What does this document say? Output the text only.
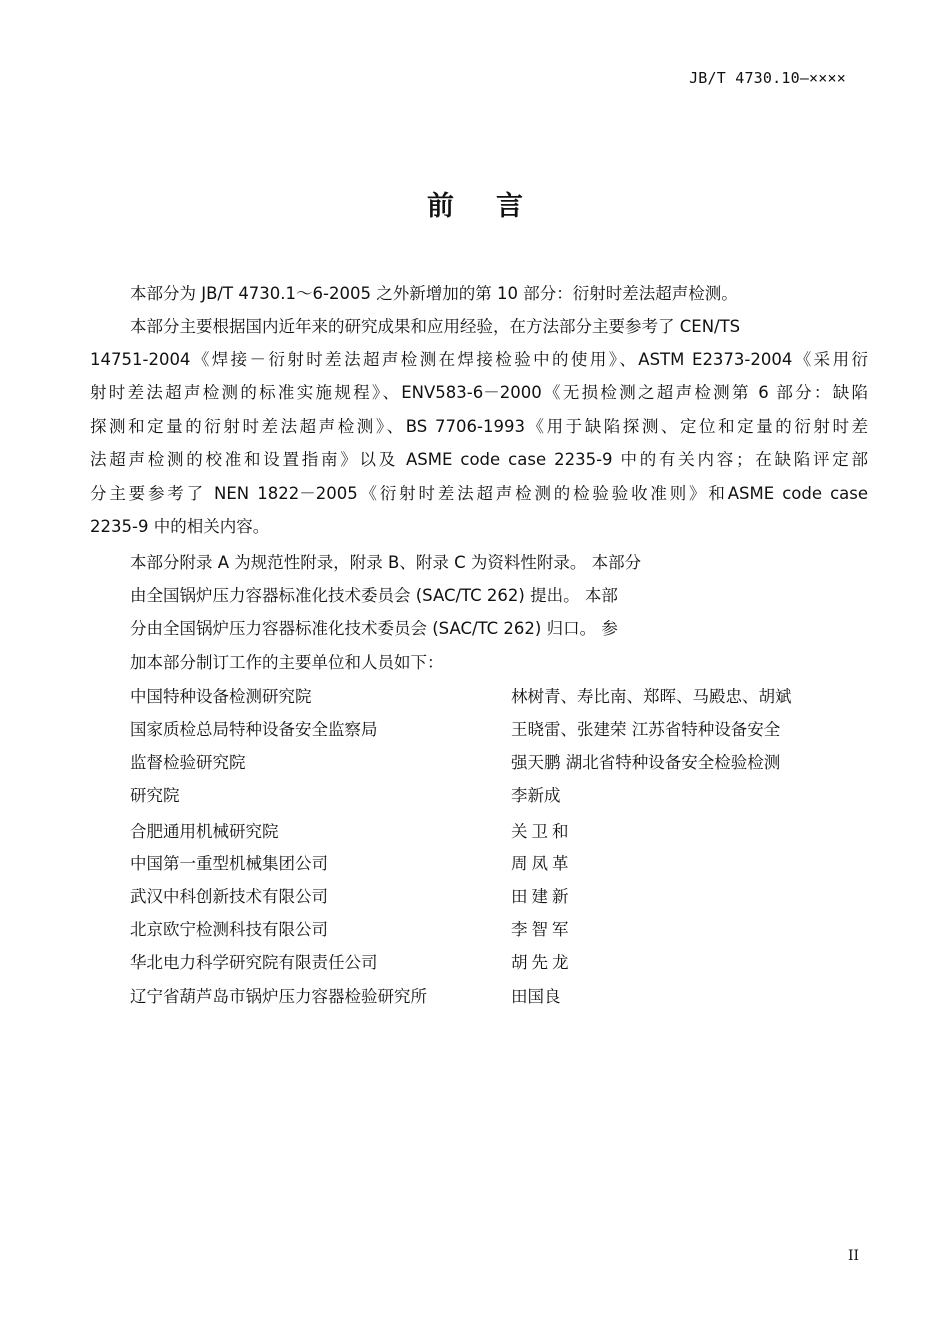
JB/T 4730.10—××××
前言
本部分为 JB/T 4730.1～6-2005 之外新增加的第 10 部分：衍射时差法超声检测。
本部分主要根据国内近年来的研究成果和应用经验，在方法部分主要参考了 CEN/TS
14751-2004《焊接－衍射时差法超声检测在焊接检验中的使用》、ASTM E2373-2004《采用衍
射时差法超声检测的标准实施规程》、ENV583-6－2000《无损检测之超声检测第 6 部分：缺陷
探测和定量的衍射时差法超声检测》、BS 7706-1993《用于缺陷探测、定位和定量的衍射时差
法超声检测的校准和设置指南》以及 ASME code case 2235-9 中的有关内容；在缺陷评定部
分主要参考了 NEN 1822－2005《衍射时差法超声检测的检验验收准则》和ASME code case
2235-9 中的相关内容。
本部分附录 A 为规范性附录，附录 B、附录 C 为资料性附录。 本部分
由全国锅炉压力容器标准化技术委员会 (SAC/TC 262) 提出。 本部
分由全国锅炉压力容器标准化技术委员会 (SAC/TC 262) 归口。 参
加本部分制订工作的主要单位和人员如下：
中国特种设备检测研究院	林树青、寿比南、郑晖、马殿忠、胡斌
国家质检总局特种设备安全监察局	王晓雷、张建荣 江苏省特种设备安全
监督检验研究院	强天鹏 湖北省特种设备安全检验检测
研究院	李新成
合肥通用机械研究院	关卫和
中国第一重型机械集团公司	周凤革
武汉中科创新技术有限公司	田建新
北京欧宁检测科技有限公司	李智军
华北电力科学研究院有限责任公司	胡先龙
辽宁省葫芦岛市锅炉压力容器检验研究所	田国良
II
